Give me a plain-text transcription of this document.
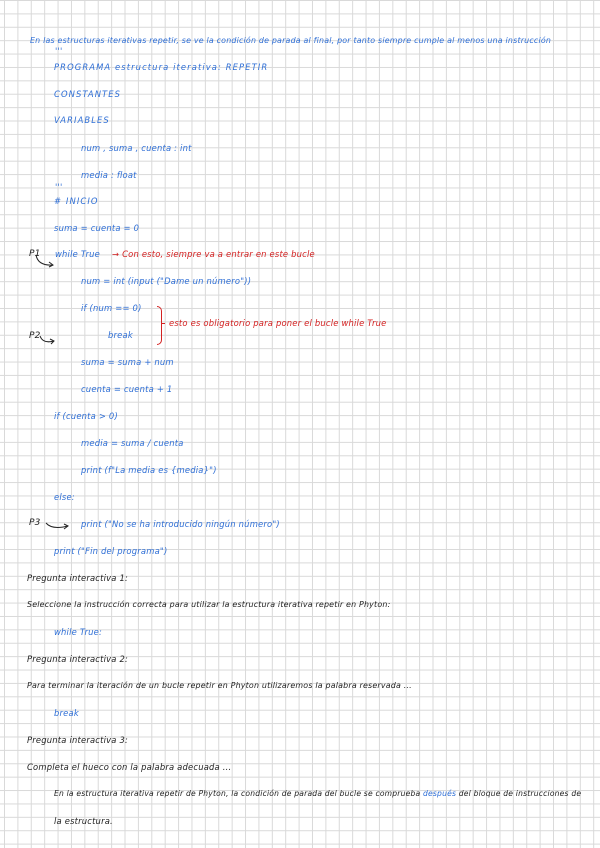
En las estructuras iterativas repetir, se ve la condición de parada al final, por tanto siempre cumple al menos una instrucción
'''
PROGRAMA estructura iterativa: REPETIR
CONSTANTES
VARIABLES
num , suma , cuenta : int
media : float
'''
# INICIO
suma = cuenta = 0
P1 while True → Con esto, siempre va a entrar en este bucle
num = int (input ("Dame un número"))
if (num == 0)
break
esto es obligatorio para poner el bucle while True
P2
suma = suma + num
cuenta = cuenta + 1
if (cuenta > 0)
media = suma / cuenta
print (f"La media es {media}")
else:
P3	print ("No se ha introducido ningún número")
print ("Fin del programa")
Pregunta interactiva 1:
Seleccione la instrucción correcta para utilizar la estructura iterativa repetir en Phyton:
while True:
Pregunta interactiva 2:
Para terminar la iteración de un bucle repetir en Phyton utilizaremos la palabra reservada ...
break
Pregunta interactiva 3:
Completa el hueco con la palabra adecuada ...
En la estructura iterativa repetir de Phyton, la condición de parada del bucle se comprueba después del bloque de instrucciones de
la estructura.
